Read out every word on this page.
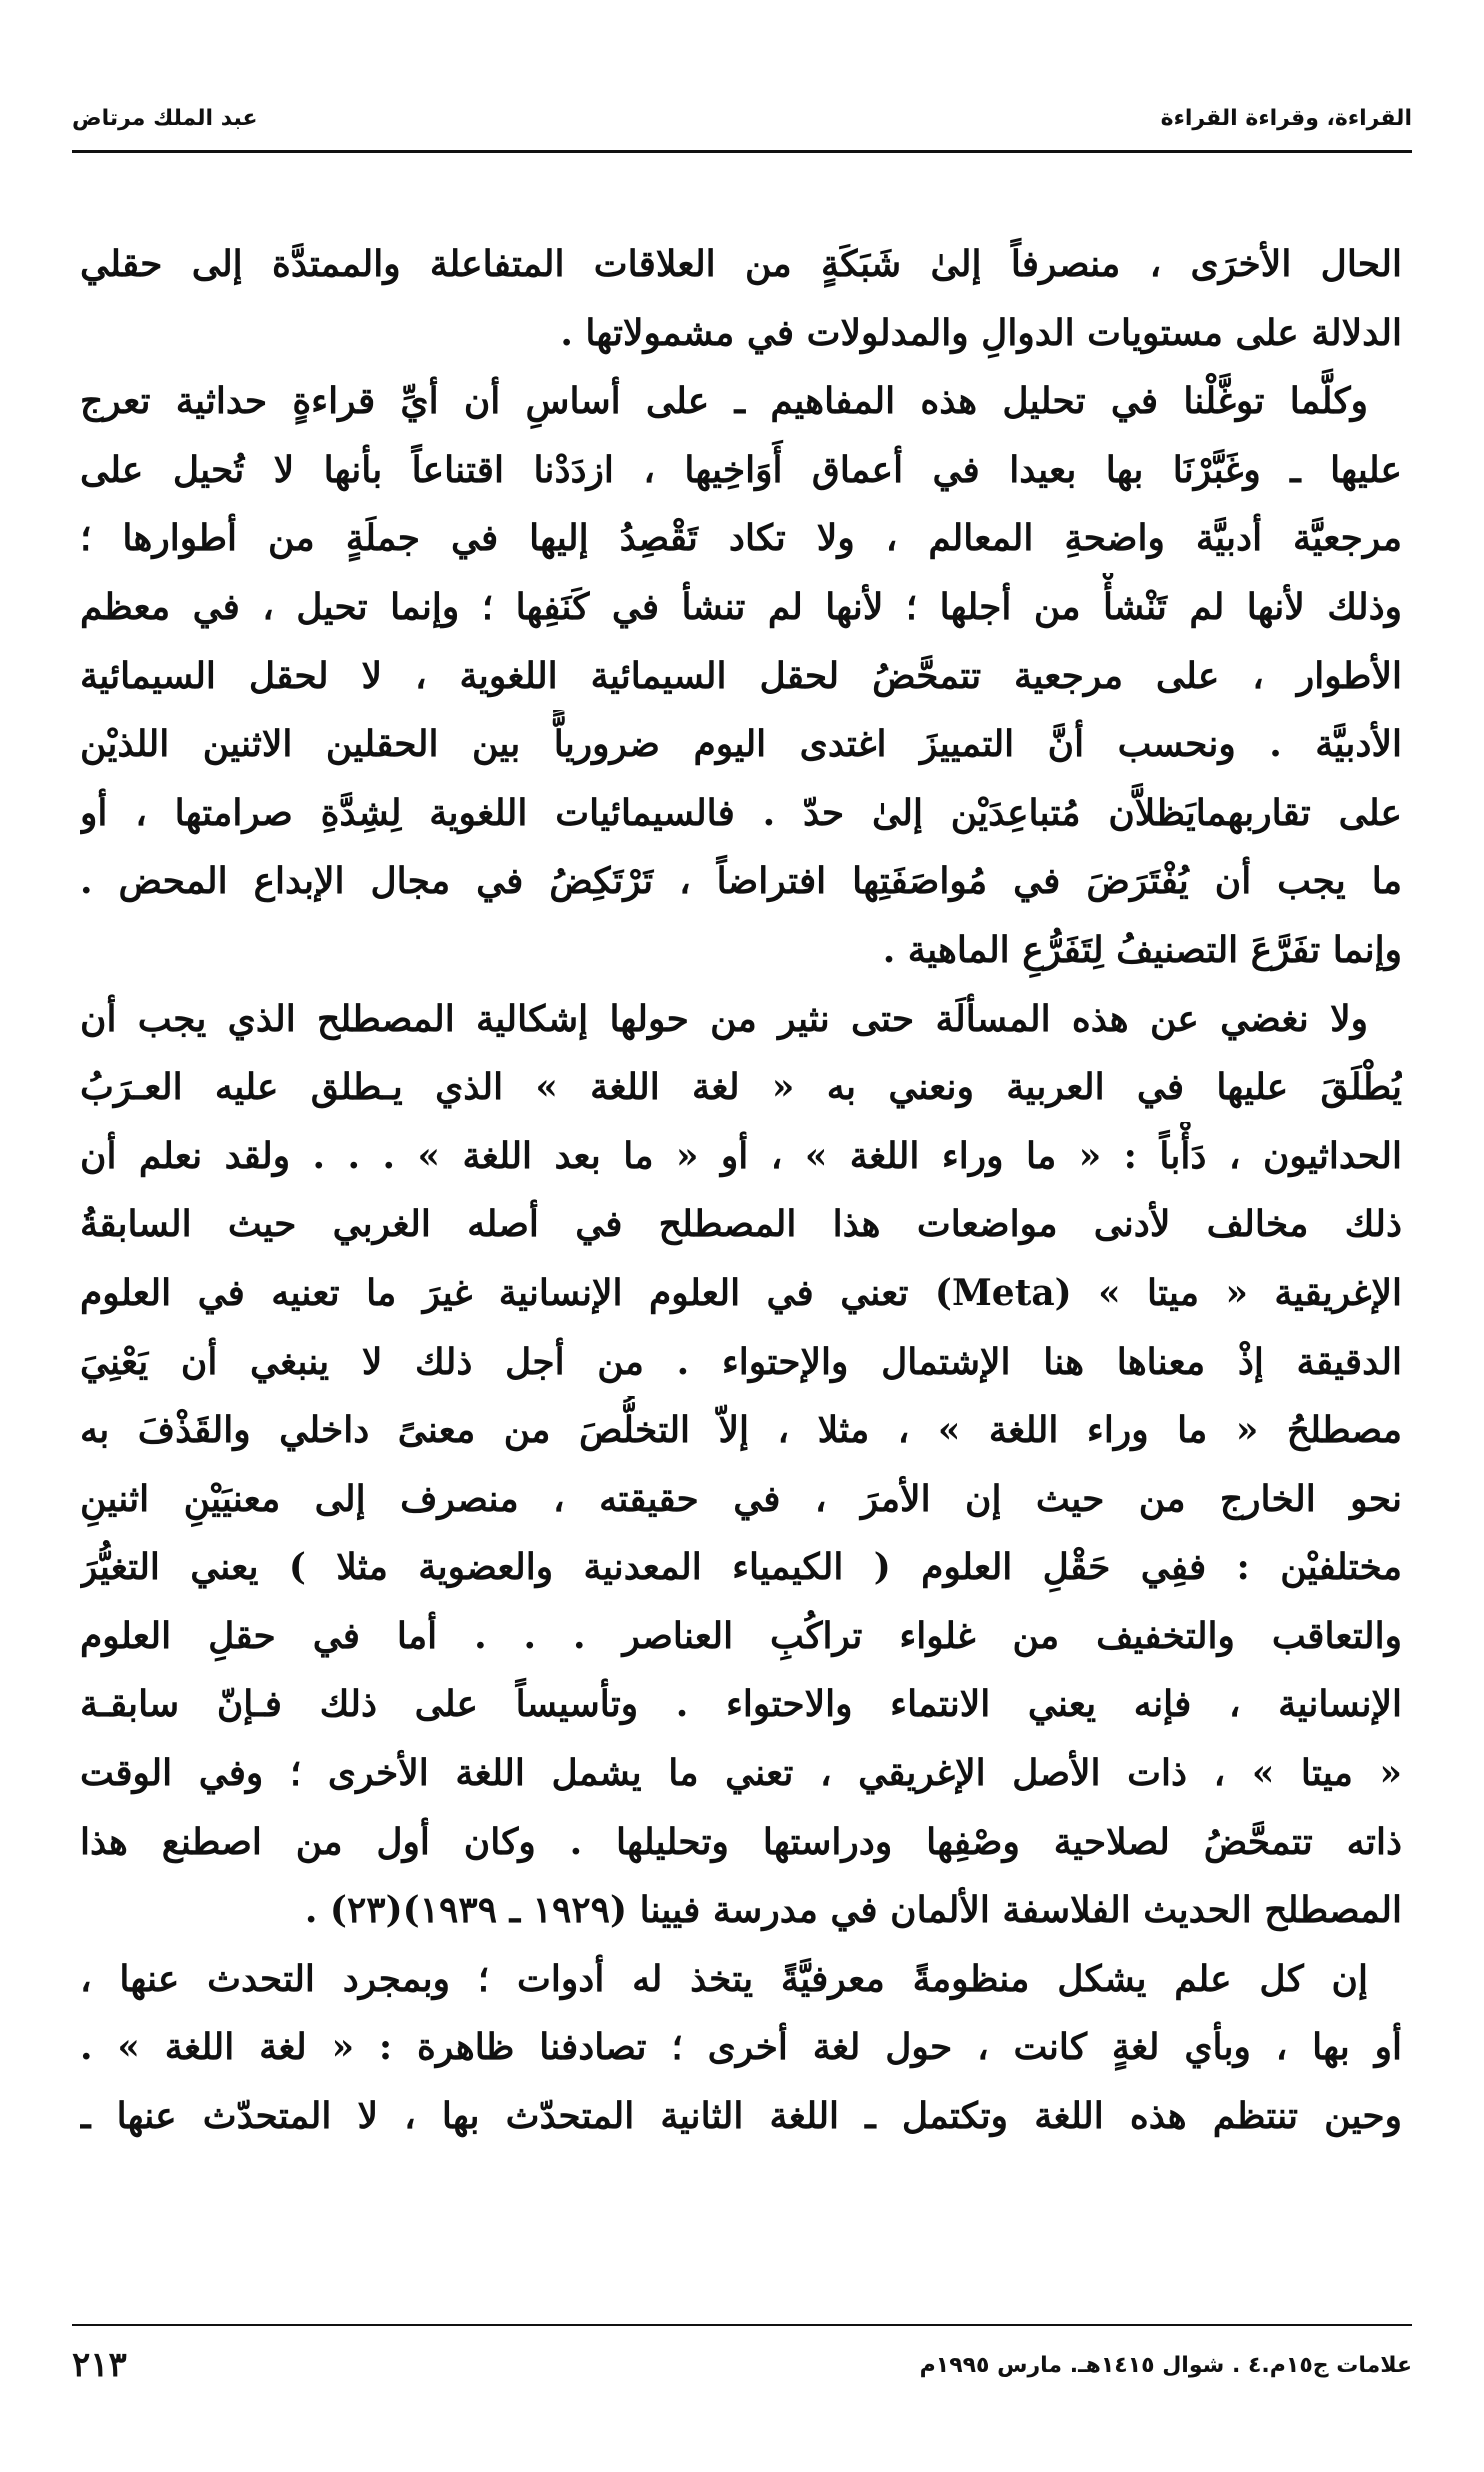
القراءة، وقراءة القراءة
عبد الملك مرتاض
الحال الأخرَى ، منصرفاً إلىٰ شَبَكَةٍ من العلاقات المتفاعلة والممتدَّة إلى حقلي
الدلالة على مستويات الدوالِ والمدلولات في مشمولاتها .
وكلَّما توغَّلْنا في تحليل هذه المفاهيم ـ على أساسِ أن أيِّ قراءةٍ حداثية تعرج
عليها ـ وغَبَّرْنَا بها بعيدا في أعماق أَوَاخِيها ، ازدَدْنا اقتناعاً بأنها لا تُحيل على
مرجعيَّة أدبيَّة واضحةِ المعالم ، ولا تكاد تَقْصِدُ إليها في جملَةٍ من أطوارها ؛
وذلك لأنها لم تَنْشأْ من أجلها ؛ لأنها لم تنشأ في كَنَفِها ؛ وإنما تحيل ، في معظم
الأطوار ، على مرجعية تتمحَّضُ لحقل السيمائية اللغوية ، لا لحقل السيمائية
الأدبيَّة . ونحسب أنَّ التمييزَ اغتدى اليوم ضرورياًّ بين الحقلين الاثنين اللذيْن
على تقاربهمايَظلاَّن مُتباعِدَيْن إلىٰ حدّ . فالسيمائيات اللغوية لِشِدَّةِ صرامتها ، أو
ما يجب أن يُفْتَرَضَ في مُواصَفَتِها افتراضاً ، تَرْتَكِضُ في مجال الإبداع المحض .
وإنما تفَرَّعَ التصنيفُ لِتَفَرُّعِ الماهية .
ولا نغضي عن هذه المسألَة حتى نثير من حولها إشكالية المصطلح الذي يجب أن
يُطْلَقَ عليها في العربية ونعني به « لغة اللغة » الذي يـطلق عليه العـرَبُ
الحداثيون ، دَأْباً : « ما وراء اللغة » ، أو « ما بعد اللغة » . . . ولقد نعلم أن
ذلك مخالف لأدنى مواضعات هذا المصطلح في أصله الغربي حيث السابقةُ
الإغريقية « ميتا » (Meta) تعني في العلوم الإنسانية غيرَ ما تعنيه في العلوم
الدقيقة إذْ معناها هنا الإشتمال والإحتواء . من أجل ذلك لا ينبغي أن يَعْنِيَ
مصطلحُ « ما وراء اللغة » ، مثلا ، إلاّ التخلُّصَ من معنىً داخلي والقَذْفَ به
نحو الخارج من حيث إن الأمرَ ، في حقيقته ، منصرف إلى معنيَيْنِ اثنينِ
مختلفيْن : ففِي حَقْلِ العلوم ( الكيمياء المعدنية والعضوية مثلا ) يعني التغيُّرَ
والتعاقب والتخفيف من غلواء تراكُبِ العناصر . . . أما في حقلِ العلوم
الإنسانية ، فإنه يعني الانتماء والاحتواء . وتأسيساً على ذلك فـإنّ سابقـة
« ميتا » ، ذات الأصل الإغريقي ، تعني ما يشمل اللغة الأخرى ؛ وفي الوقت
ذاته تتمحَّضُ لصلاحية وصْفِها ودراستها وتحليلها . وكان أول من اصطنع هذا
المصطلح الحديث الفلاسفة الألمان في مدرسة فيينا (١٩٢٩ ـ ١٩٣٩)(٢٣) .
إن كل علم يشكل منظومةً معرفيَّةً يتخذ له أدوات ؛ وبمجرد التحدث عنها ،
أو بها ، وبأي لغةٍ كانت ، حول لغة أخرى ؛ تصادفنا ظاهرة : « لغة اللغة » .
وحين تنتظم هذه اللغة وتكتمل ـ اللغة الثانية المتحدّث بها ، لا المتحدّث عنها ـ
علامات ج١٥م.٤ . شوال ١٤١٥هـ. مارس ١٩٩٥م
٢١٣
